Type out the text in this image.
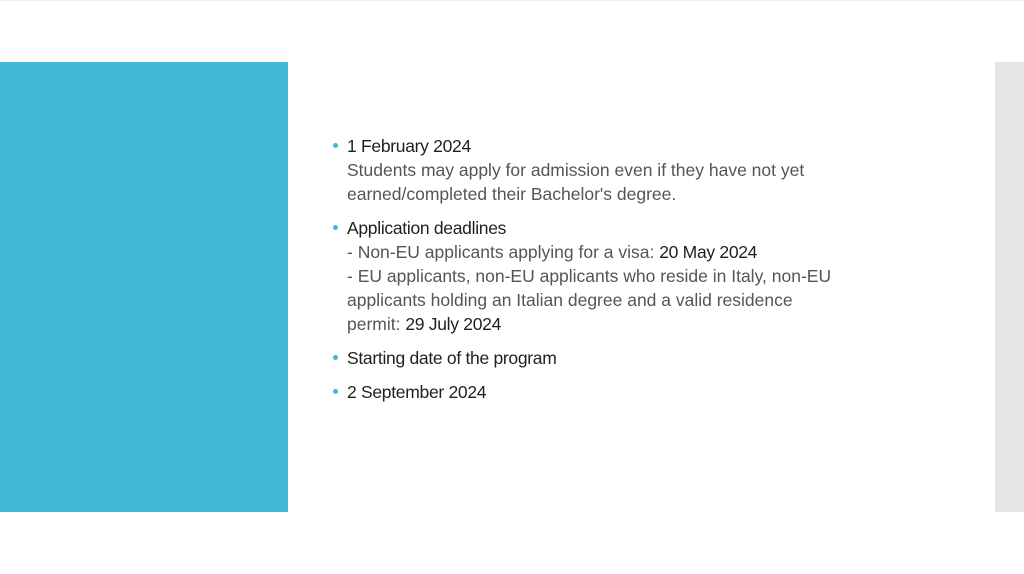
1 February 2024
Students may apply for admission even if they have not yet
earned/completed their Bachelor's degree.
Application deadlines
- Non-EU applicants applying for a visa: 20 May 2024
- EU applicants, non-EU applicants who reside in Italy, non-EU
applicants holding an Italian degree and a valid residence
permit: 29 July 2024
Starting date of the program
2 September 2024
